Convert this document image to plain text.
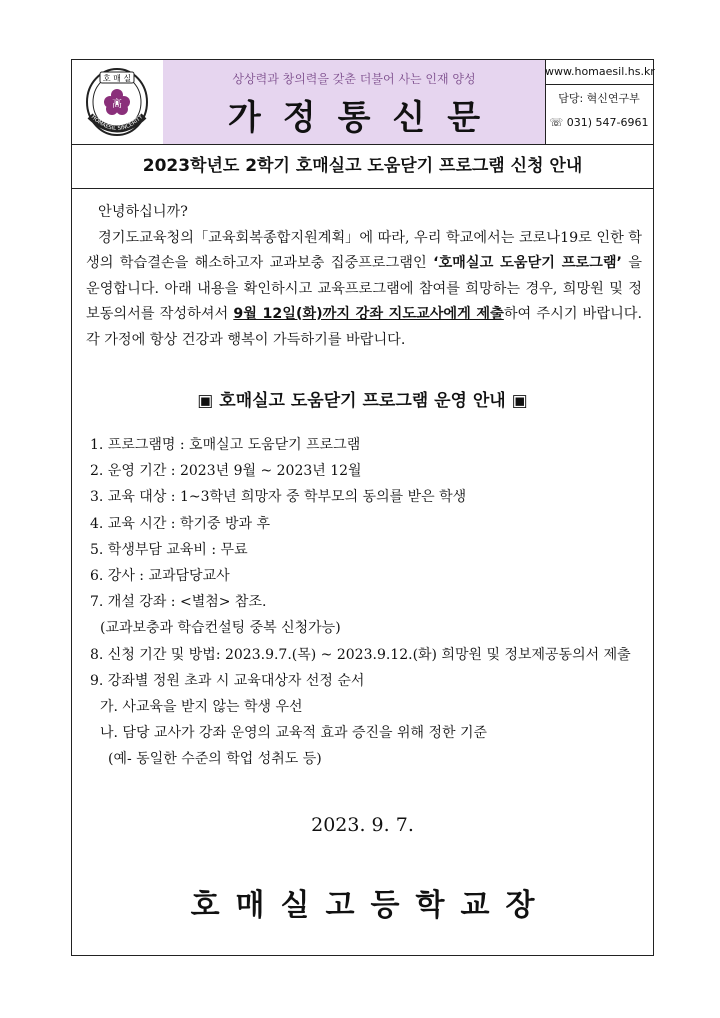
호 매 실
高
HOMAESIL SINCERITY
상상력과 창의력을 갖춘 더불어 사는 인재 양성
가정통신문
www.homaesil.hs.kr
담당: 혁신연구부
☏ 031) 547-6961
2023학년도 2학기 호매실고 도움닫기 프로그램 신청 안내

안녕하십니까?

경기도교육청의「교육회복종합지원계획」에 따라, 우리 학교에서는 코로나19로 인한 학생의 학습결손을 해소하고자 교과보충 집중프로그램인 ‘호매실고 도움닫기 프로그램’ 을 운영합니다. 아래 내용을 확인하시고 교육프로그램에 참여를 희망하는 경우, 희망원 및 정보동의서를 작성하셔서 9월 12일(화)까지 강좌 지도교사에게 제출하여 주시기 바랍니다. 각 가정에 항상 건강과 행복이 가득하기를 바랍니다.

▣ 호매실고 도움닫기 프로그램 운영 안내 ▣
1. 프로그램명 : 호매실고 도움닫기 프로그램
2. 운영 기간 : 2023년 9월 ~ 2023년 12월
3. 교육 대상 : 1~3학년 희망자 중 학부모의 동의를 받은 학생
4. 교육 시간 : 학기중 방과 후
5. 학생부담 교육비 : 무료
6. 강사 : 교과담당교사
7. 개설 강좌 : <별첨> 참조.
(교과보충과 학습컨설팅 중복 신청가능)
8. 신청 기간 및 방법: 2023.9.7.(목) ~ 2023.9.12.(화) 희망원 및 정보제공동의서 제출
9. 강좌별 정원 초과 시 교육대상자 선정 순서
가. 사교육을 받지 않는 학생 우선
나. 담당 교사가 강좌 운영의 교육적 효과 증진을 위해 정한 기준
(예- 동일한 수준의 학업 성취도 등)
2023. 9. 7.
호매실고등학교장
